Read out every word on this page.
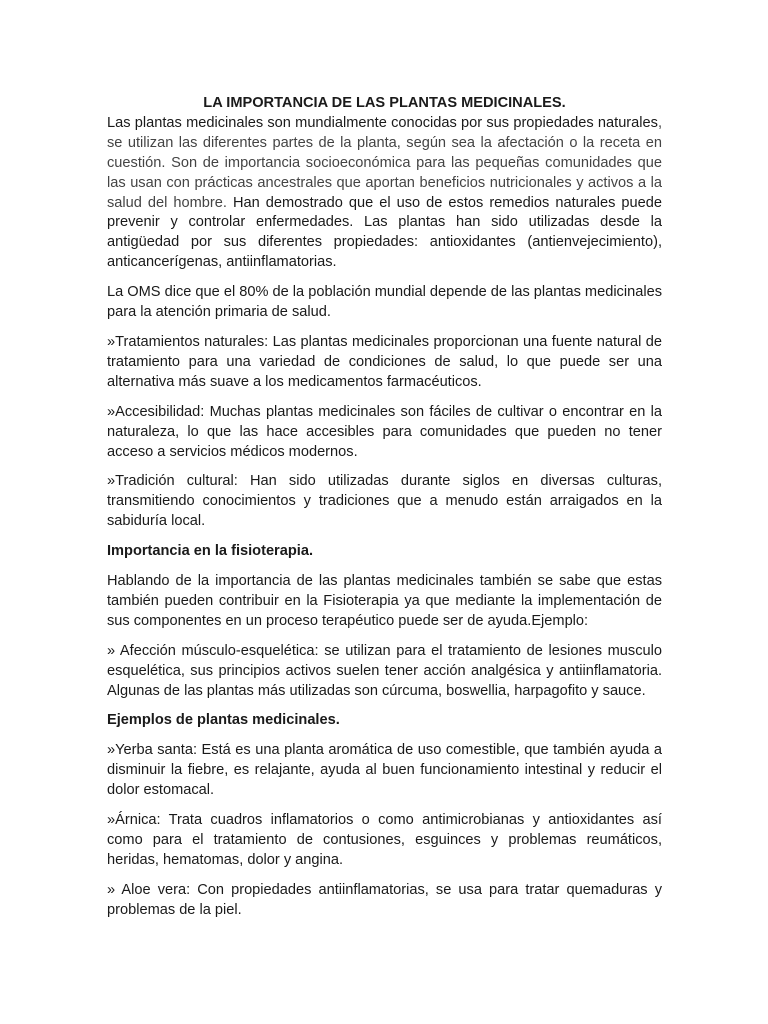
LA IMPORTANCIA DE LAS PLANTAS MEDICINALES.

Las plantas medicinales son mundialmente conocidas por sus propiedades naturales, se utilizan las diferentes partes de la planta, según sea la afectación o la receta en cuestión. Son de importancia socioeconómica para las pequeñas comunidades que las usan con prácticas ancestrales que aportan beneficios nutricionales y activos a la salud del hombre. Han demostrado que el uso de estos remedios naturales puede prevenir y controlar enfermedades. Las plantas han sido utilizadas desde la antigüedad por sus diferentes propiedades: antioxidantes (antienvejecimiento), anticancerígenas, antiinflamatorias.

La OMS dice que el 80% de la población mundial depende de las plantas medicinales para la atención primaria de salud.

»Tratamientos naturales: Las plantas medicinales proporcionan una fuente natural de tratamiento para una variedad de condiciones de salud, lo que puede ser una alternativa más suave a los medicamentos farmacéuticos.

»Accesibilidad: Muchas plantas medicinales son fáciles de cultivar o encontrar en la naturaleza, lo que las hace accesibles para comunidades que pueden no tener acceso a servicios médicos modernos.

»Tradición cultural: Han sido utilizadas durante siglos en diversas culturas, transmitiendo conocimientos y tradiciones que a menudo están arraigados en la sabiduría local.

Importancia en la fisioterapia.

Hablando de la importancia de las plantas medicinales también se sabe que estas también pueden contribuir en la Fisioterapia ya que mediante la implementación de sus componentes en un proceso terapéutico puede ser de ayuda.Ejemplo:

» Afección músculo-esquelética: se utilizan para el tratamiento de lesiones musculo esquelética, sus principios activos suelen tener acción analgésica y antiinflamatoria. Algunas de las plantas más utilizadas son cúrcuma, boswellia, harpagofito y sauce.

Ejemplos de plantas medicinales.

»Yerba santa: Está es una planta aromática de uso comestible, que también ayuda a disminuir la fiebre, es relajante, ayuda al buen funcionamiento intestinal y reducir el dolor estomacal.

»Árnica: Trata cuadros inflamatorios o como antimicrobianas y antioxidantes así como para el tratamiento de contusiones, esguinces y problemas reumáticos, heridas, hematomas, dolor y angina.

» Aloe vera: Con propiedades antiinflamatorias, se usa para tratar quemaduras y problemas de la piel.
